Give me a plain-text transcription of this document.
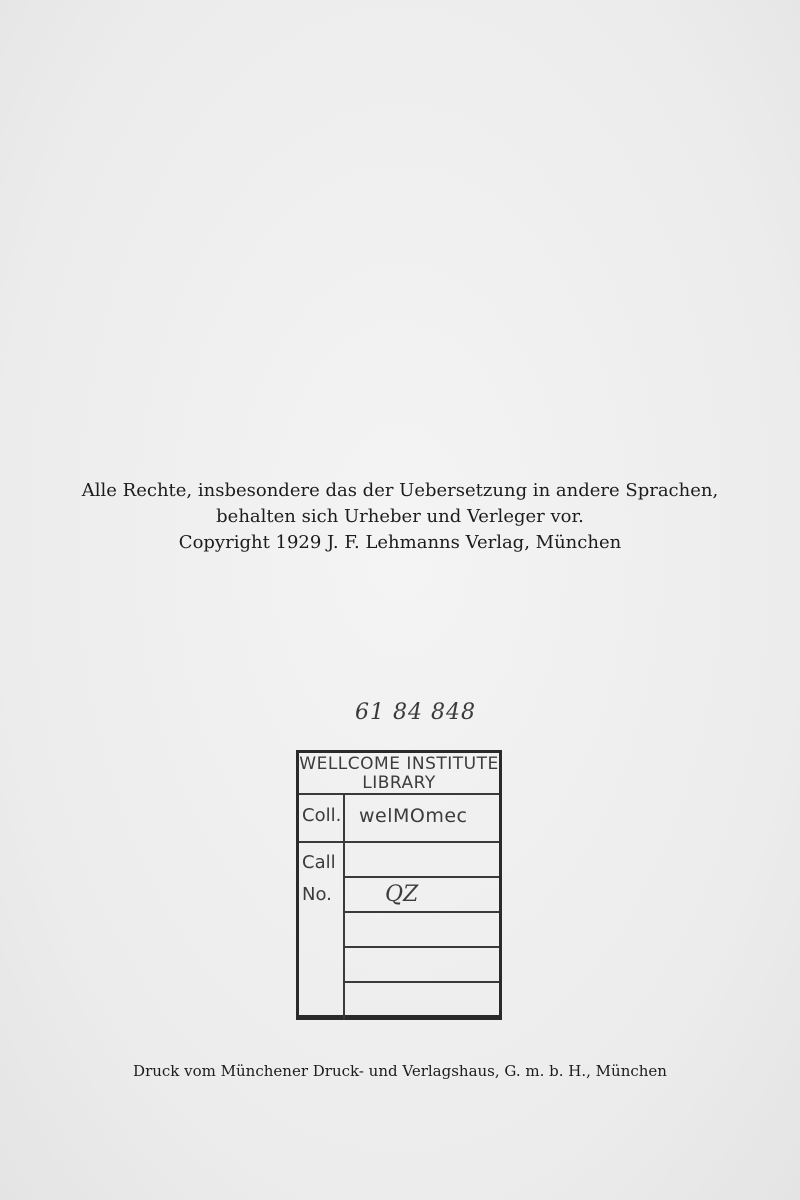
Alle Rechte, insbesondere das der Uebersetzung in andere Sprachen,
behalten sich Urheber und Verleger vor.
Copyright 1929 J. F. Lehmanns Verlag, München
61 84 848
WELLCOME INSTITUTE
LIBRARY
Coll. welMOmec
Call
No.	QZ
Druck vom Münchener Druck- und Verlagshaus, G. m. b. H., München
